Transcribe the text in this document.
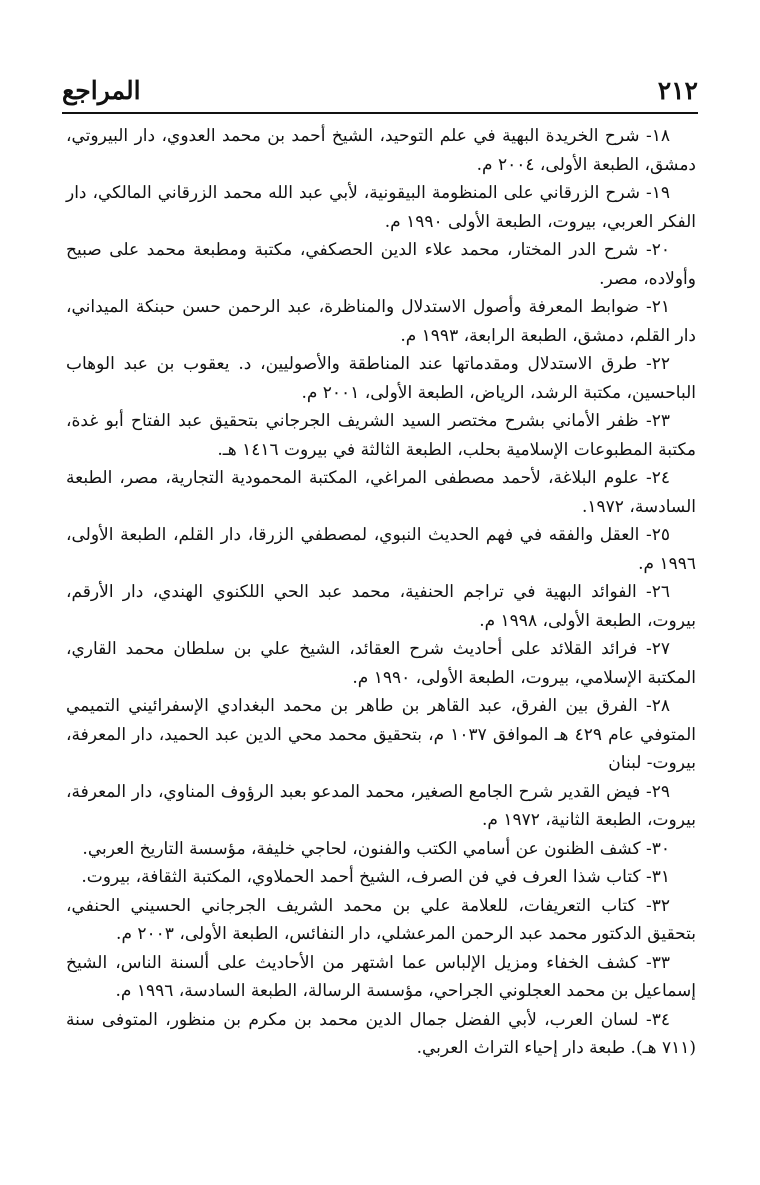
٢١٢
المراجع

١٨- شرح الخريدة البهية في علم التوحيد، الشيخ أحمد بن محمد العدوي، دار البيروتي، دمشق، الطبعة الأولى، ٢٠٠٤ م.

١٩- شرح الزرقاني على المنظومة البيقونية، لأبي عبد الله محمد الزرقاني المالكي، دار الفكر العربي، بيروت، الطبعة الأولى ١٩٩٠ م.

٢٠- شرح الدر المختار، محمد علاء الدين الحصكفي، مكتبة ومطبعة محمد على صبيح وأولاده، مصر.

٢١- ضوابط المعرفة وأصول الاستدلال والمناظرة، عبد الرحمن حسن حبنكة الميداني، دار القلم، دمشق، الطبعة الرابعة، ١٩٩٣ م.

٢٢- طرق الاستدلال ومقدماتها عند المناطقة والأصوليين، د. يعقوب بن عبد الوهاب الباحسين، مكتبة الرشد، الرياض، الطبعة الأولى، ٢٠٠١ م.

٢٣- ظفر الأماني بشرح مختصر السيد الشريف الجرجاني بتحقيق عبد الفتاح أبو غدة، مكتبة المطبوعات الإسلامية بحلب، الطبعة الثالثة في بيروت ١٤١٦ هـ.

٢٤- علوم البلاغة، لأحمد مصطفى المراغي، المكتبة المحمودية التجارية، مصر، الطبعة السادسة، ١٩٧٢.

٢٥- العقل والفقه في فهم الحديث النبوي، لمصطفي الزرقا، دار القلم، الطبعة الأولى، ١٩٩٦ م.

٢٦- الفوائد البهية في تراجم الحنفية، محمد عبد الحي اللكنوي الهندي، دار الأرقم، بيروت، الطبعة الأولى، ١٩٩٨ م.

٢٧- فرائد القلائد على أحاديث شرح العقائد، الشيخ علي بن سلطان محمد القاري، المكتبة الإسلامي، بيروت، الطبعة الأولى، ١٩٩٠ م.

٢٨- الفرق بين الفرق، عبد القاهر بن طاهر بن محمد البغدادي الإسفرائيني التميمي المتوفي عام ٤٢٩ هـ الموافق ١٠٣٧ م، بتحقيق محمد محي الدين عبد الحميد، دار المعرفة، بيروت- لبنان

٢٩- فيض القدير شرح الجامع الصغير، محمد المدعو بعبد الرؤوف المناوي، دار المعرفة، بيروت، الطبعة الثانية، ١٩٧٢ م.

٣٠- كشف الظنون عن أسامي الكتب والفنون، لحاجي خليفة، مؤسسة التاريخ العربي.

٣١- كتاب شذا العرف في فن الصرف، الشيخ أحمد الحملاوي، المكتبة الثقافة، بيروت.

٣٢- كتاب التعريفات، للعلامة علي بن محمد الشريف الجرجاني الحسيني الحنفي، بتحقيق الدكتور محمد عبد الرحمن المرعشلي، دار النفائس، الطبعة الأولى، ٢٠٠٣ م.

٣٣- كشف الخفاء ومزيل الإلباس عما اشتهر من الأحاديث على ألسنة الناس، الشيخ إسماعيل بن محمد العجلوني الجراحي، مؤسسة الرسالة، الطبعة السادسة، ١٩٩٦ م.

٣٤- لسان العرب، لأبي الفضل جمال الدين محمد بن مكرم بن منظور، المتوفى سنة (٧١١ هـ). طبعة دار إحياء التراث العربي.
